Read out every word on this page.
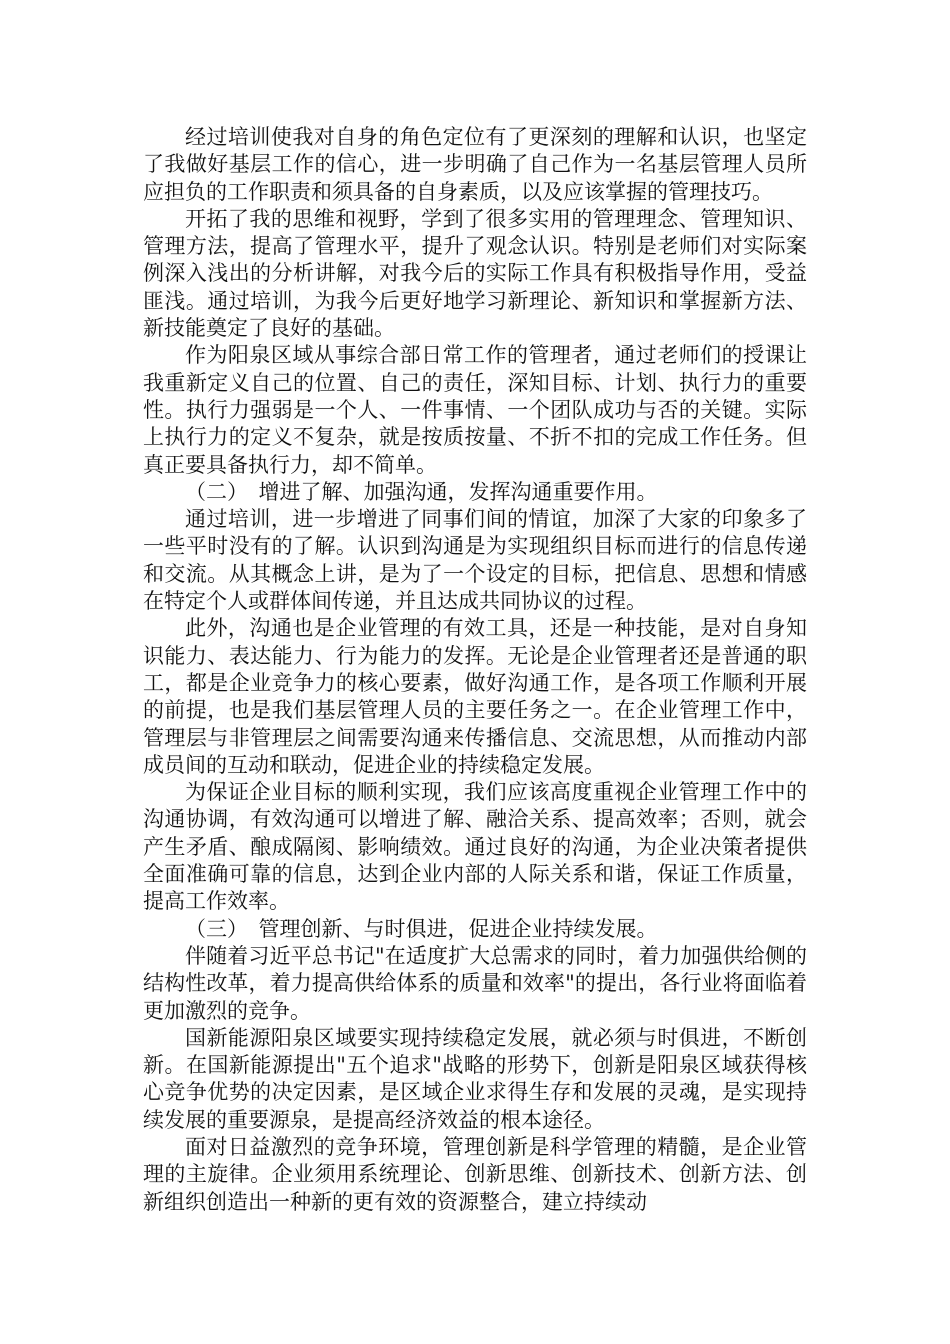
经过培训使我对自身的角色定位有了更深刻的理解和认识，也坚定了我做好基层工作的信心，进一步明确了自己作为一名基层管理人员所应担负的工作职责和须具备的自身素质，以及应该掌握的管理技巧。

开拓了我的思维和视野，学到了很多实用的管理理念、管理知识、管理方法，提高了管理水平，提升了观念认识。特别是老师们对实际案例深入浅出的分析讲解，对我今后的实际工作具有积极指导作用，受益匪浅。通过培训，为我今后更好地学习新理论、新知识和掌握新方法、新技能奠定了良好的基础。

作为阳泉区域从事综合部日常工作的管理者，通过老师们的授课让我重新定义自己的位置、自己的责任，深知目标、计划、执行力的重要性。执行力强弱是一个人、一件事情、一个团队成功与否的关键。实际上执行力的定义不复杂，就是按质按量、不折不扣的完成工作任务。但真正要具备执行力，却不简单。

（二）　增进了解、加强沟通，发挥沟通重要作用。

通过培训，进一步增进了同事们间的情谊，加深了大家的印象多了一些平时没有的了解。认识到沟通是为实现组织目标而进行的信息传递和交流。从其概念上讲，是为了一个设定的目标，把信息、思想和情感在特定个人或群体间传递，并且达成共同协议的过程。

此外，沟通也是企业管理的有效工具，还是一种技能，是对自身知识能力、表达能力、行为能力的发挥。无论是企业管理者还是普通的职工，都是企业竞争力的核心要素，做好沟通工作，是各项工作顺利开展的前提，也是我们基层管理人员的主要任务之一。在企业管理工作中，管理层与非管理层之间需要沟通来传播信息、交流思想，从而推动内部成员间的互动和联动，促进企业的持续稳定发展。

为保证企业目标的顺利实现，我们应该高度重视企业管理工作中的沟通协调，有效沟通可以增进了解、融洽关系、提高效率；否则，就会产生矛盾、酿成隔阂、影响绩效。通过良好的沟通，为企业决策者提供全面准确可靠的信息，达到企业内部的人际关系和谐，保证工作质量，提高工作效率。

（三）　管理创新、与时俱进，促进企业持续发展。

伴随着习近平总书记"在适度扩大总需求的同时，着力加强供给侧的结构性改革，着力提高供给体系的质量和效率"的提出，各行业将面临着更加激烈的竞争。

国新能源阳泉区域要实现持续稳定发展，就必须与时俱进，不断创新。在国新能源提出"五个追求"战略的形势下，创新是阳泉区域获得核心竞争优势的决定因素，是区域企业求得生存和发展的灵魂，是实现持续发展的重要源泉，是提高经济效益的根本途径。

面对日益激烈的竞争环境，管理创新是科学管理的精髓，是企业管理的主旋律。企业须用系统理论、创新思维、创新技术、创新方法、创新组织创造出一种新的更有效的资源整合，建立持续动
